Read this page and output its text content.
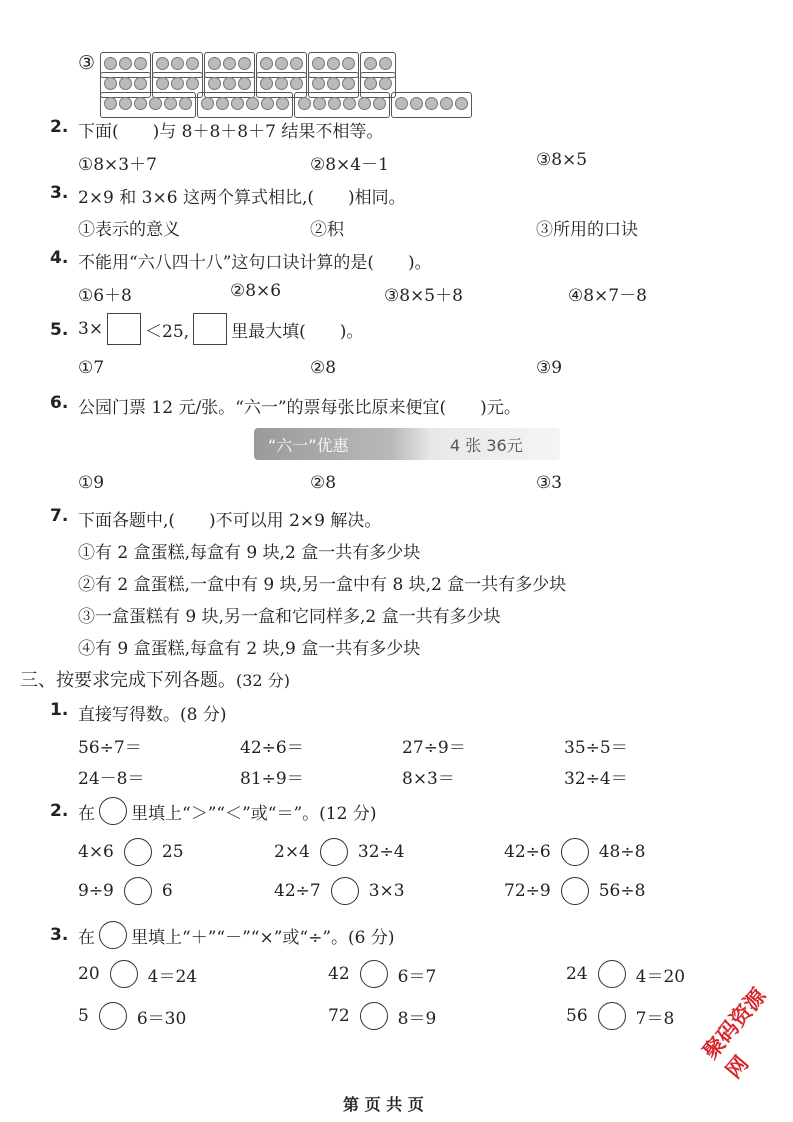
③
2. 下面(　　)与 8＋8＋8＋7 结果不相等。
①8×3＋7	②8×4－1	③8×5
3. 2×9 和 3×6 这两个算式相比,(　　)相同。
①表示的意义	②积	③所用的口诀
4. 不能用“六八四十八”这句口诀计算的是(　　)。
①6＋8	②8×6	③8×5＋8	④8×7－8
5. 3× ＜25, 里最大填(　　)。
①7	②8	③9
6. 公园门票 12 元/张。“六一”的票每张比原来便宜(　　)元。
“六一”优惠	4 张 36元
①9	②8	③3
7. 下面各题中,(　　)不可以用 2×9 解决。
①有 2 盒蛋糕,每盒有 9 块,2 盒一共有多少块
②有 2 盒蛋糕,一盒中有 9 块,另一盒中有 8 块,2 盒一共有多少块
③一盒蛋糕有 9 块,另一盒和它同样多,2 盒一共有多少块
④有 9 盒蛋糕,每盒有 2 块,9 盒一共有多少块
三、按要求完成下列各题。(32 分)
1. 直接写得数。(8 分)
56÷7＝	42÷6＝	27÷9＝	35÷5＝
24－8＝	81÷9＝	8×3＝	32÷4＝
2. 在 里填上“＞”“＜”或“＝”。(12 分)
4×6	25	2×4	32÷4	42÷6	48÷8
9÷9	6	42÷7	3×3	72÷9	56÷8
3. 在 里填上“＋”“－”“×”或“÷”。(6 分)
20	4＝24	42	6＝7	24	4＝20
5	6＝30	72	8＝9	56	7＝8 聚码资源网
第 页 共 页
